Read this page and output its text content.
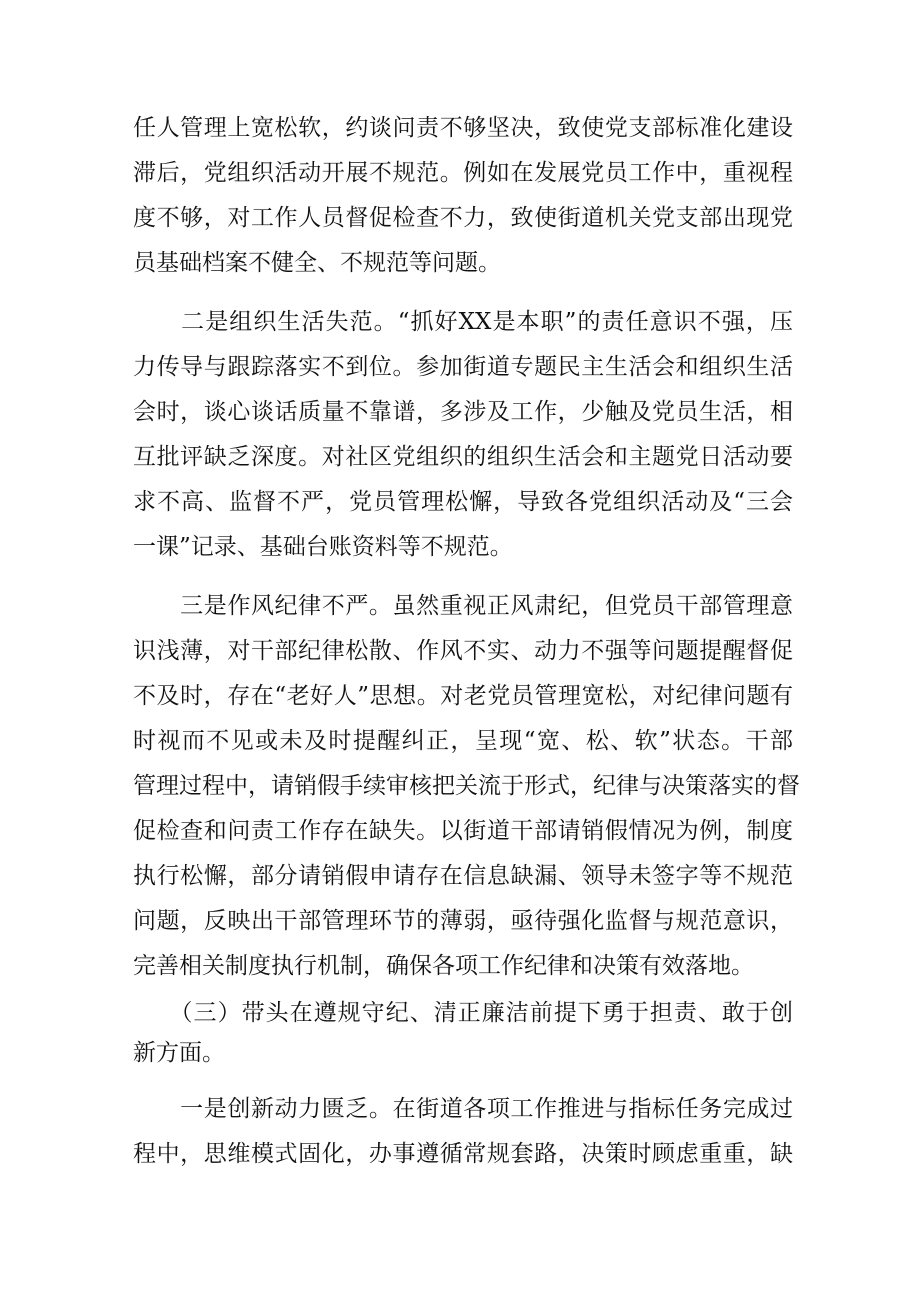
任人管理上宽松软，约谈问责不够坚决，致使党支部标准化建设
滞后，党组织活动开展不规范。例如在发展党员工作中，重视程
度不够，对工作人员督促检查不力，致使街道机关党支部出现党
员基础档案不健全、不规范等问题。
　　二是组织生活失范。“抓好XX是本职”的责任意识不强，压
力传导与跟踪落实不到位。参加街道专题民主生活会和组织生活
会时，谈心谈话质量不靠谱，多涉及工作，少触及党员生活，相
互批评缺乏深度。对社区党组织的组织生活会和主题党日活动要
求不高、监督不严，党员管理松懈，导致各党组织活动及“三会
一课”记录、基础台账资料等不规范。
　　三是作风纪律不严。虽然重视正风肃纪，但党员干部管理意
识浅薄，对干部纪律松散、作风不实、动力不强等问题提醒督促
不及时，存在“老好人”思想。对老党员管理宽松，对纪律问题有
时视而不见或未及时提醒纠正，呈现“宽、松、软”状态。干部
管理过程中，请销假手续审核把关流于形式，纪律与决策落实的督
促检查和问责工作存在缺失。以街道干部请销假情况为例，制度
执行松懈，部分请销假申请存在信息缺漏、领导未签字等不规范
问题，反映出干部管理环节的薄弱，亟待强化监督与规范意识，
完善相关制度执行机制，确保各项工作纪律和决策有效落地。
　　（三）带头在遵规守纪、清正廉洁前提下勇于担责、敢于创
新方面。
　　一是创新动力匮乏。在街道各项工作推进与指标任务完成过
程中，思维模式固化，办事遵循常规套路，决策时顾虑重重，缺
